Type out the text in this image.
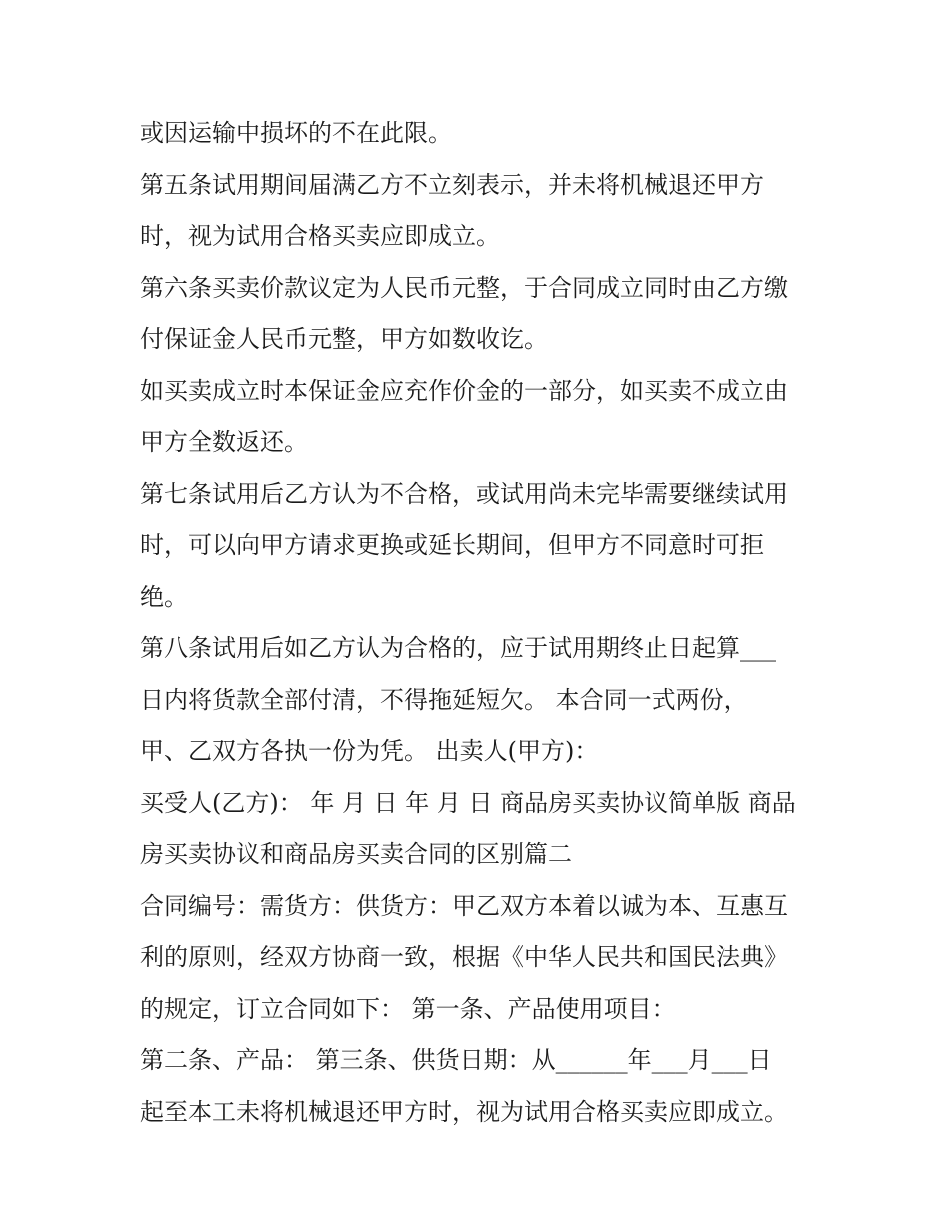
或因运输中损坏的不在此限。
第五条试用期间届满乙方不立刻表示，并未将机械退还甲方
时，视为试用合格买卖应即成立。
第六条买卖价款议定为人民币元整，于合同成立同时由乙方缴
付保证金人民币元整，甲方如数收讫。
如买卖成立时本保证金应充作价金的一部分，如买卖不成立由
甲方全数返还。
第七条试用后乙方认为不合格，或试用尚未完毕需要继续试用
时，可以向甲方请求更换或延长期间，但甲方不同意时可拒
绝。
第八条试用后如乙方认为合格的，应于试用期终止日起算___
日内将货款全部付清，不得拖延短欠。 本合同一式两份，
甲、乙双方各执一份为凭。 出卖人(甲方)：
买受人(乙方)： 年 月 日 年 月 日 商品房买卖协议简单版 商品
房买卖协议和商品房买卖合同的区别篇二
合同编号：需货方：供货方：甲乙双方本着以诚为本、互惠互
利的原则，经双方协商一致，根据《中华人民共和国民法典》
的规定，订立合同如下： 第一条、产品使用项目：
第二条、产品： 第三条、供货日期：从______年___月___日
起至本工未将机械退还甲方时，视为试用合格买卖应即成立。
